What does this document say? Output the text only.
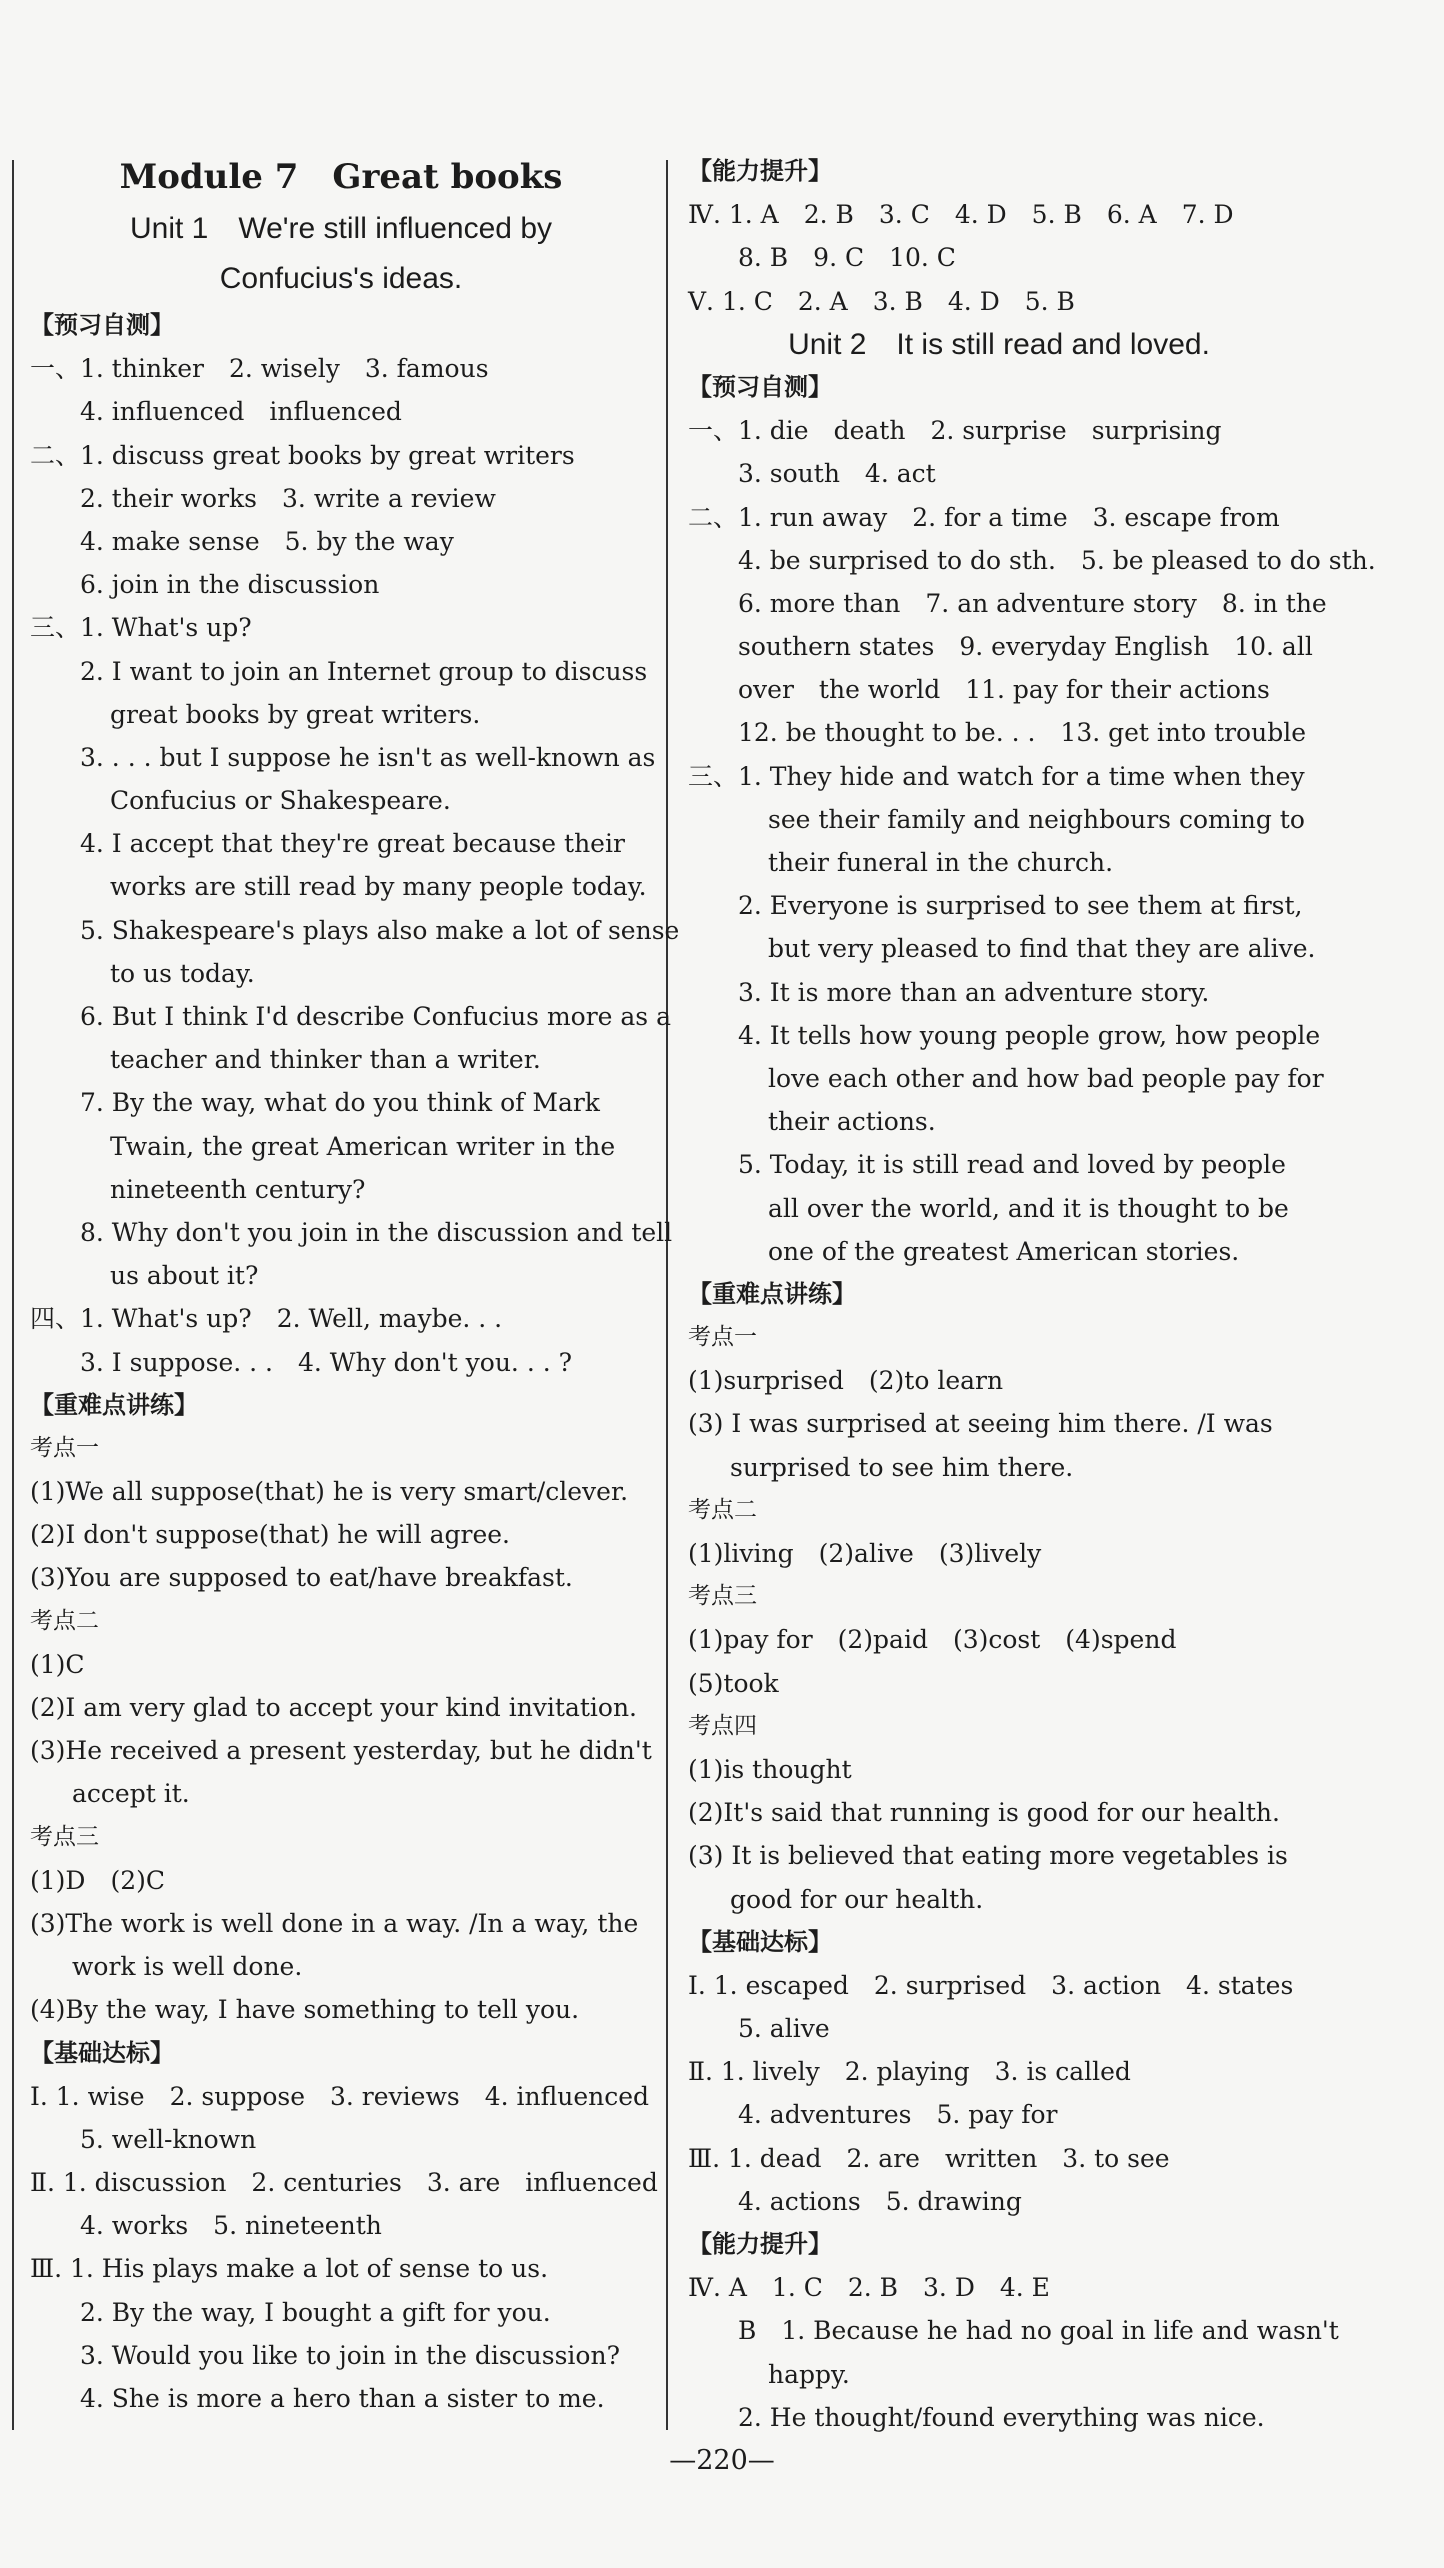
Module 7　Great books
Unit 1　We're still influenced by
Confucius's ideas.
【预习自测】
一、1. thinker　2. wisely　3. famous
4. influenced　influenced
二、1. discuss great books by great writers
2. their works　3. write a review
4. make sense　5. by the way
6. join in the discussion
三、1. What's up?
2. I want to join an Internet group to discuss
great books by great writers.
3. . . . but I suppose he isn't as well-known as
Confucius or Shakespeare.
4. I accept that they're great because their
works are still read by many people today.
5. Shakespeare's plays also make a lot of sense
to us today.
6. But I think I'd describe Confucius more as a
teacher and thinker than a writer.
7. By the way, what do you think of Mark
Twain, the great American writer in the
nineteenth century?
8. Why don't you join in the discussion and tell
us about it?
四、1. What's up?　2. Well, maybe. . .
3. I suppose. . .　4. Why don't you. . . ?
【重难点讲练】
考点一
(1)We all suppose(that) he is very smart/clever.
(2)I don't suppose(that) he will agree.
(3)You are supposed to eat/have breakfast.
考点二
(1)C
(2)I am very glad to accept your kind invitation.
(3)He received a present yesterday, but he didn't
accept it.
考点三
(1)D　(2)C
(3)The work is well done in a way. /In a way, the
work is well done.
(4)By the way, I have something to tell you.
【基础达标】
Ⅰ. 1. wise　2. suppose　3. reviews　4. influenced
5. well-known
Ⅱ. 1. discussion　2. centuries　3. are　influenced
4. works　5. nineteenth
Ⅲ. 1. His plays make a lot of sense to us.
2. By the way, I bought a gift for you.
3. Would you like to join in the discussion?
4. She is more a hero than a sister to me.
【能力提升】
Ⅳ. 1. A　2. B　3. C　4. D　5. B　6. A　7. D
8. B　9. C　10. C
Ⅴ. 1. C　2. A　3. B　4. D　5. B
Unit 2　It is still read and loved.
【预习自测】
一、1. die　death　2. surprise　surprising
3. south　4. act
二、1. run away　2. for a time　3. escape from
4. be surprised to do sth.　5. be pleased to do sth.
6. more than　7. an adventure story　8. in the
southern states　9. everyday English　10. all
over　the world　11. pay for their actions
12. be thought to be. . .　13. get into trouble
三、1. They hide and watch for a time when they
see their family and neighbours coming to
their funeral in the church.
2. Everyone is surprised to see them at first,
but very pleased to find that they are alive.
3. It is more than an adventure story.
4. It tells how young people grow, how people
love each other and how bad people pay for
their actions.
5. Today, it is still read and loved by people
all over the world, and it is thought to be
one of the greatest American stories.
【重难点讲练】
考点一
(1)surprised　(2)to learn
(3) I was surprised at seeing him there. /I was
surprised to see him there.
考点二
(1)living　(2)alive　(3)lively
考点三
(1)pay for　(2)paid　(3)cost　(4)spend
(5)took
考点四
(1)is thought
(2)It's said that running is good for our health.
(3) It is believed that eating more vegetables is
good for our health.
【基础达标】
Ⅰ. 1. escaped　2. surprised　3. action　4. states
5. alive
Ⅱ. 1. lively　2. playing　3. is called
4. adventures　5. pay for
Ⅲ. 1. dead　2. are　written　3. to see
4. actions　5. drawing
【能力提升】
Ⅳ. A　1. C　2. B　3. D　4. E
B　1. Because he had no goal in life and wasn't
happy.
2. He thought/found everything was nice.
—220—
